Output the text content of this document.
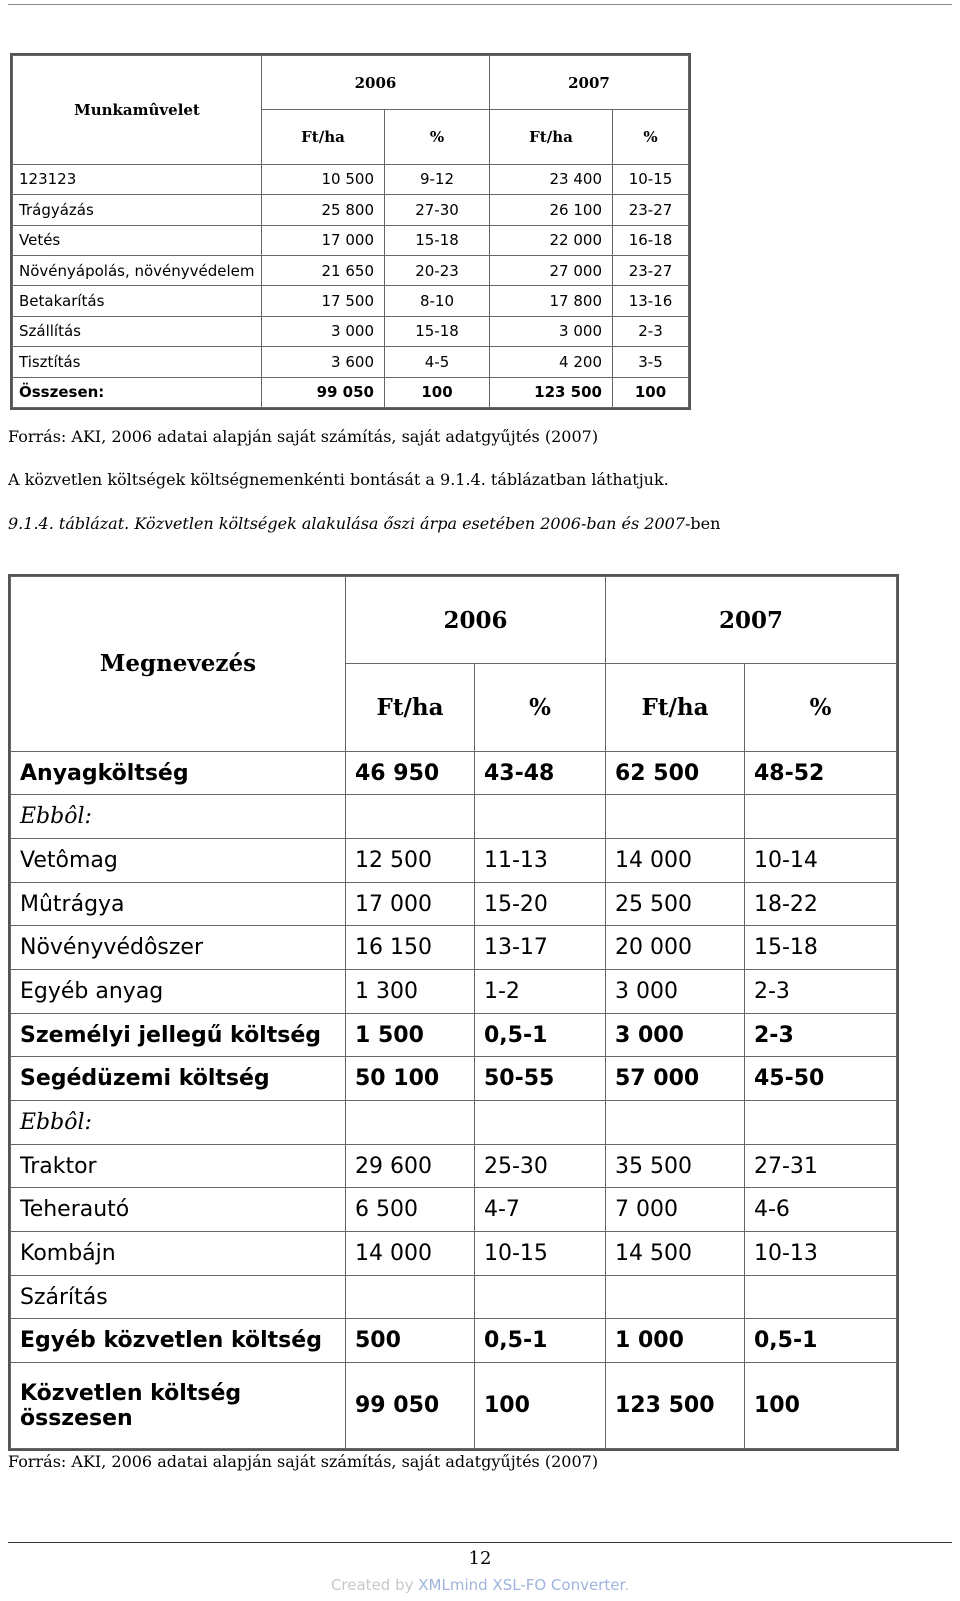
Munkamûvelet	2006		2007	
	Ft/ha	%	Ft/ha	%
123123	10 500	9-12	23 400	10-15
Trágyázás	25 800	27-30	26 100	23-27
Vetés	17 000	15-18	22 000	16-18
Növényápolás, növényvédelem	21 650	20-23	27 000	23-27
Betakarítás	17 500	8-10	17 800	13-16
Szállítás	3 000	15-18	3 000	2-3
Tisztítás	3 600	4-5	4 200	3-5
Összesen:	99 050	100	123 500	100
Forrás: AKI, 2006 adatai alapján saját számítás, saját adatgyűjtés (2007)
A közvetlen költségek költségnemenkénti bontását a 9.1.4. táblázatban láthatjuk.
9.1.4. táblázat. Közvetlen költségek alakulása őszi árpa esetében 2006-ban és 2007-ben
Megnevezés	2006		2007	
	Ft/ha	%	Ft/ha	%
Anyagköltség	46 950	43-48	62 500	48-52
Ebbôl:				
Vetômag	12 500	11-13	14 000	10-14
Mûtrágya	17 000	15-20	25 500	18-22
Növényvédôszer	16 150	13-17	20 000	15-18
Egyéb anyag	1 300	1-2	3 000	2-3
Személyi jellegű költség	1 500	0,5-1	3 000	2-3
Segédüzemi költség	50 100	50-55	57 000	45-50
Ebbôl:				
Traktor	29 600	25-30	35 500	27-31
Teherautó	6 500	4-7	7 000	4-6
Kombájn	14 000	10-15	14 500	10-13
Szárítás				
Egyéb közvetlen költség	500	0,5-1	1 000	0,5-1
Közvetlen költség összesen	99 050	100	123 500	100
Forrás: AKI, 2006 adatai alapján saját számítás, saját adatgyűjtés (2007)
12
Created by XMLmind XSL-FO Converter.
